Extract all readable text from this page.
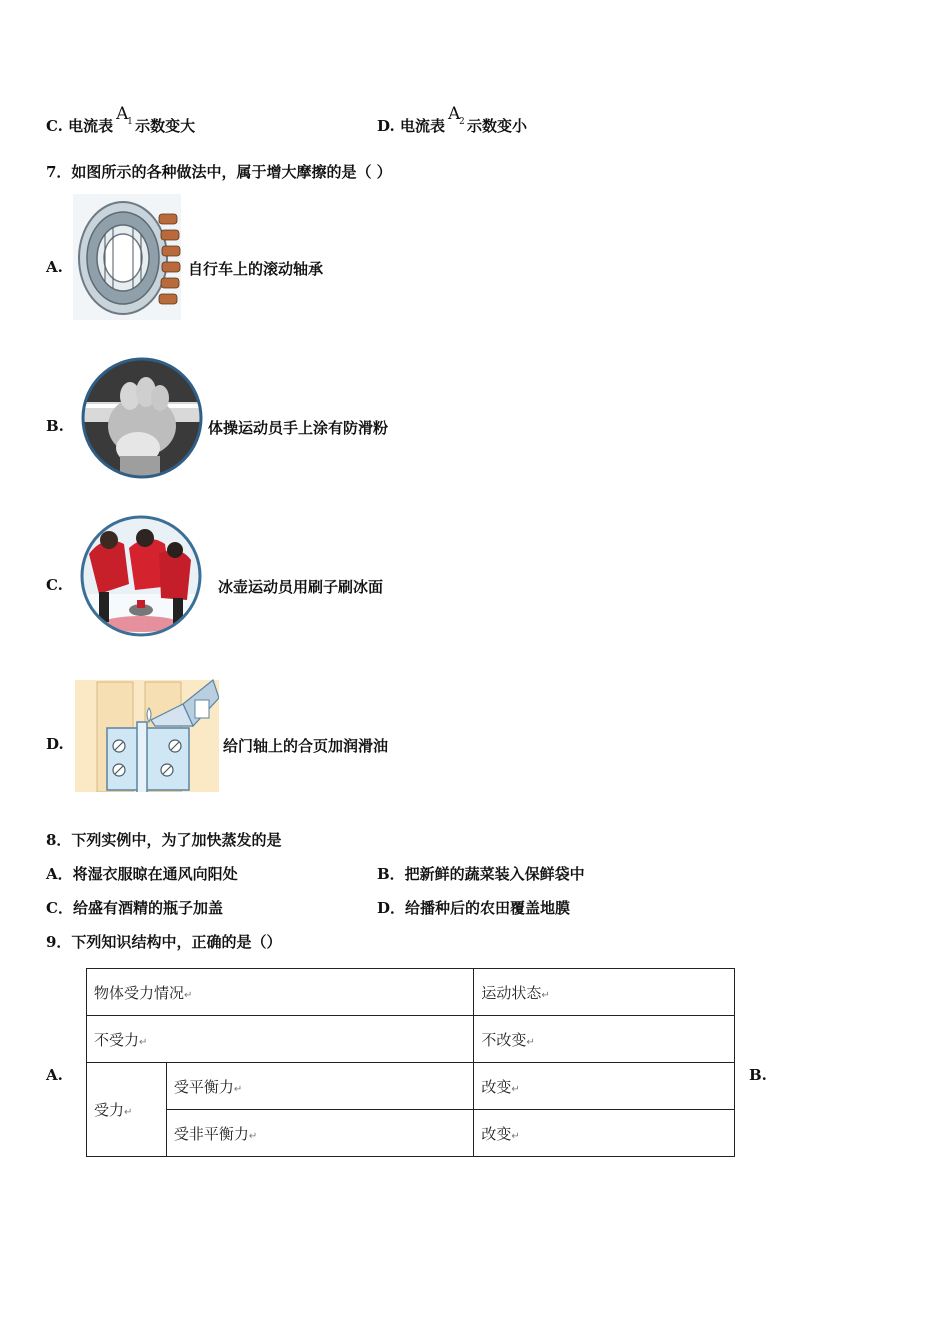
C. 电流表
A
1 示数变大	D. 电流表
A
2 示数变小
7．如图所示的各种做法中，属于增大摩擦的是（ ）
A.	自行车上的滚动轴承
B.	体操运动员手上涂有防滑粉
C.	冰壶运动员用刷子刷冰面
D.	给门轴上的合页加润滑油
8．下列实例中，为了加快蒸发的是
A．将湿衣服晾在通风向阳处	B．把新鲜的蔬菜装入保鲜袋中
C．给盛有酒精的瓶子加盖	D．给播种后的农田覆盖地膜
9．下列知识结构中，正确的是（）
A.	B.
物体受力情况↵		运动状态↵
不受力↵		不改变↵
受力↵	受平衡力↵	改变↵
	受非平衡力↵	改变↵
